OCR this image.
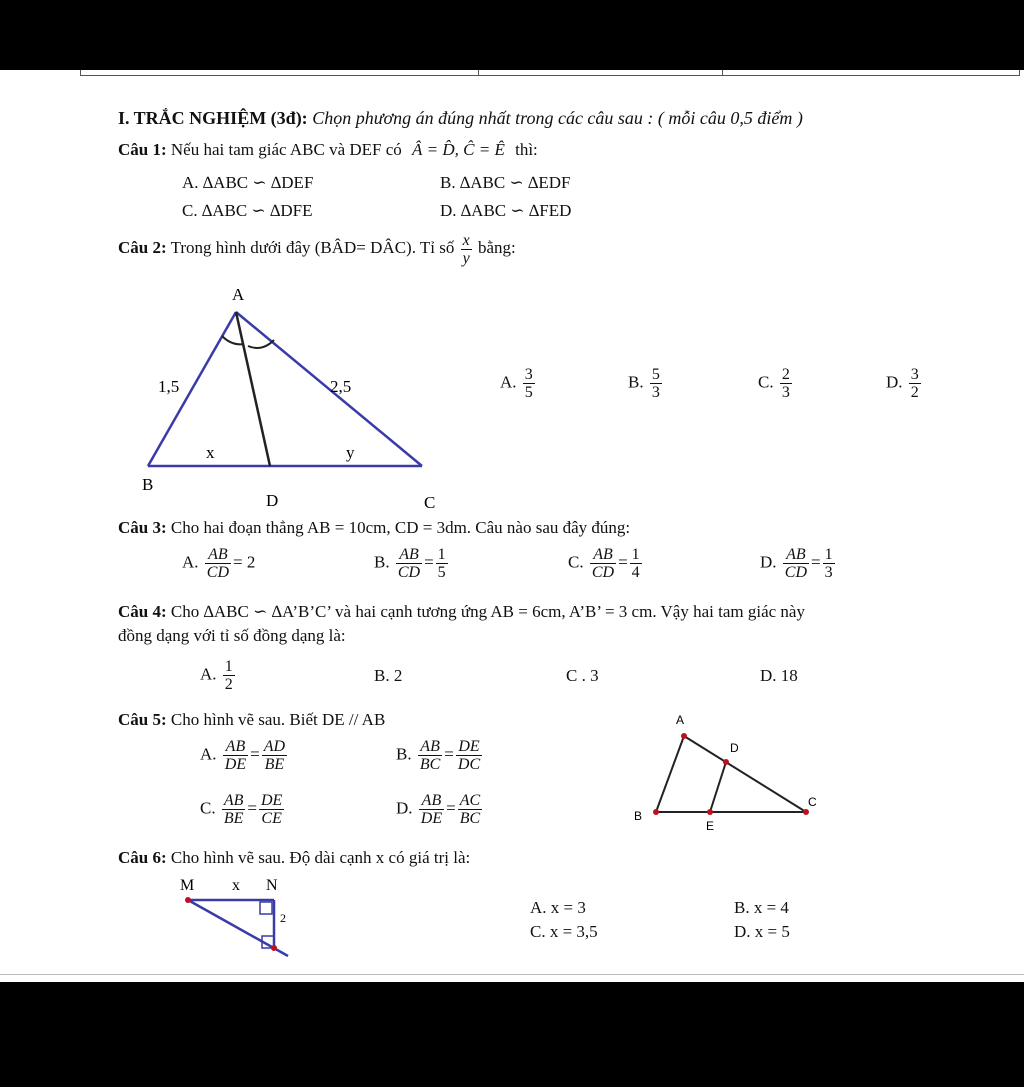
I. TRẮC NGHIỆM (3đ): Chọn phương án đúng nhất trong các câu sau : ( mỗi câu 0,5 điểm )
Câu 1: Nếu hai tam giác ABC và DEF có Â = D̂, Ĉ = Ê thì:
A. ∆ABC ∽ ∆DEF	B. ∆ABC ∽ ∆EDF
C. ∆ABC ∽ ∆DFE	D. ∆ABC ∽ ∆FED
Câu 2: Trong hình dưới đây (BÂD= DÂC). Tỉ số $\frac{x}{y}$ bằng:
A
B
C
D
1,5	2,5
x	y
A. $\frac{3}{5}$	B. $\frac{5}{3}$	C. $\frac{2}{3}$	D. $\frac{3}{2}$
Câu 3: Cho hai đoạn thẳng AB = 10cm, CD = 3dm. Câu nào sau đây đúng:
A. $\frac{AB}{CD} = 2$	B. $\frac{AB}{CD} = \frac{1}{5}$	C. $\frac{AB}{CD} = \frac{1}{4}$	D. $\frac{AB}{CD} = \frac{1}{3}$
Câu 4: Cho ∆ABC ∽ ∆A’B’C’ và hai cạnh tương ứng AB = 6cm, A’B’ = 3 cm. Vậy hai tam giác này
đồng dạng với tỉ số đồng dạng là:
A. $\frac{1}{2}$	B. 2	C . 3	D. 18
Câu 5: Cho hình vẽ sau. Biết DE // AB
A. $\frac{AB}{DE} = \frac{AD}{BE}$	B. $\frac{AB}{BC} = \frac{DE}{DC}$
C. $\frac{AB}{BE} = \frac{DE}{CE}$	D. $\frac{AB}{DE} = \frac{AC}{BC}$
A
B
C
D
E
Câu 6: Cho hình vẽ sau. Độ dài cạnh x có giá trị là:
M x N
2
A. x = 3	B. x = 4
C. x = 3,5	D. x = 5
